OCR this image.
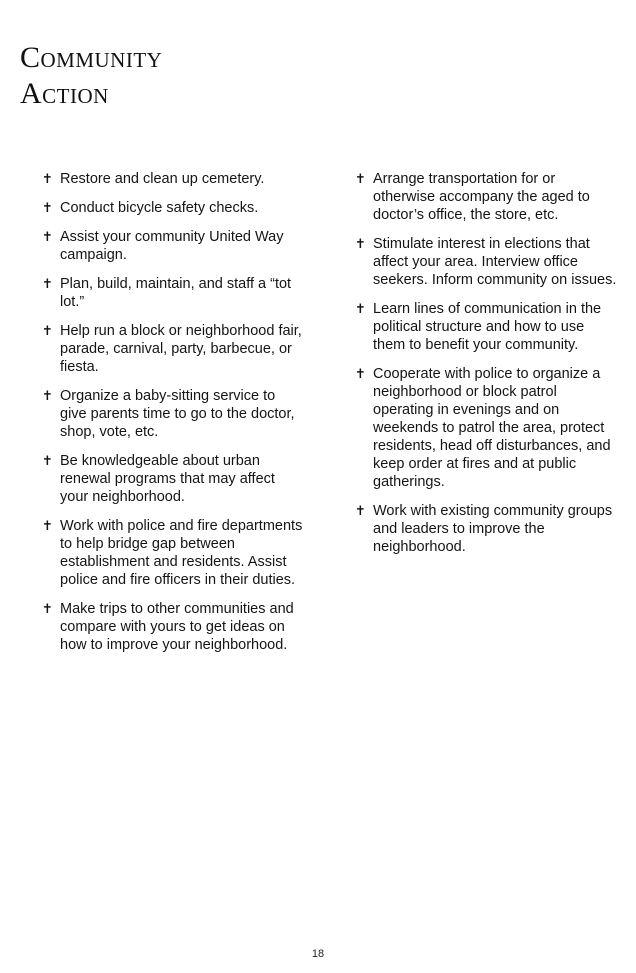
Community
Action
✝ Restore and clean up cemetery.
✝ Conduct bicycle safety checks.
✝ Assist your community United Way campaign.
✝ Plan, build, maintain, and staff a “tot lot.”
✝ Help run a block or neighborhood fair, parade, carnival, party, barbecue, or fiesta.
✝ Organize a baby-sitting service to give parents time to go to the doctor, shop, vote, etc.
✝ Be knowledgeable about urban renewal programs that may affect your neighborhood.
✝ Work with police and fire departments to help bridge gap between establishment and residents. Assist police and fire officers in their duties.
✝ Make trips to other communities and compare with yours to get ideas on how to improve your neighborhood.
✝ Arrange transportation for or otherwise accompany the aged to doctor’s office, the store, etc.
✝ Stimulate interest in elections that affect your area. Interview office seekers. Inform community on issues.
✝ Learn lines of communication in the political structure and how to use them to benefit your community.
✝ Cooperate with police to organize a neighborhood or block patrol operating in evenings and on weekends to patrol the area, protect residents, head off disturbances, and keep order at fires and at public gatherings.
✝ Work with existing community groups and leaders to improve the neighborhood.
18
